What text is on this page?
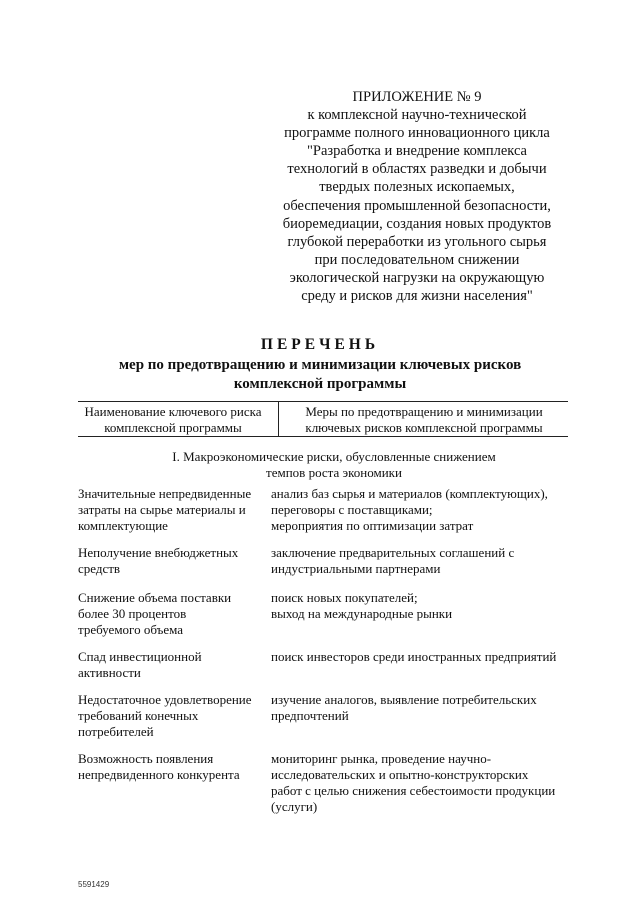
ПРИЛОЖЕНИЕ № 9
к комплексной научно-технической
программе полного инновационного цикла
"Разработка и внедрение комплекса
технологий в областях разведки и добычи
твердых полезных ископаемых,
обеспечения промышленной безопасности,
биоремедиации, создания новых продуктов
глубокой переработки из угольного сырья
при последовательном снижении
экологической нагрузки на окружающую
среду и рисков для жизни населения"
ПЕРЕЧЕНЬ
мер по предотвращению и минимизации ключевых рисков
комплексной программы
Наименование ключевого риска
комплексной программы
Меры по предотвращению и минимизации
ключевых рисков комплексной программы
I. Макроэкономические риски, обусловленные снижением
темпов роста экономики
Значительные непредвиденные
затраты на сырье материалы и
комплектующие
анализ баз сырья и материалов (комплектующих),
переговоры с поставщиками;
мероприятия по оптимизации затрат
Неполучение внебюджетных
средств
заключение предварительных соглашений с
индустриальными партнерами
Снижение объема поставки
более 30 процентов
требуемого объема
поиск новых покупателей;
выход на международные рынки
Спад инвестиционной
активности
поиск инвесторов среди иностранных предприятий
Недостаточное удовлетворение
требований конечных
потребителей
изучение аналогов, выявление потребительских
предпочтений
Возможность появления
непредвиденного конкурента
мониторинг рынка, проведение научно-
исследовательских и опытно-конструкторских
работ с целью снижения себестоимости продукции
(услуги)
5591429
